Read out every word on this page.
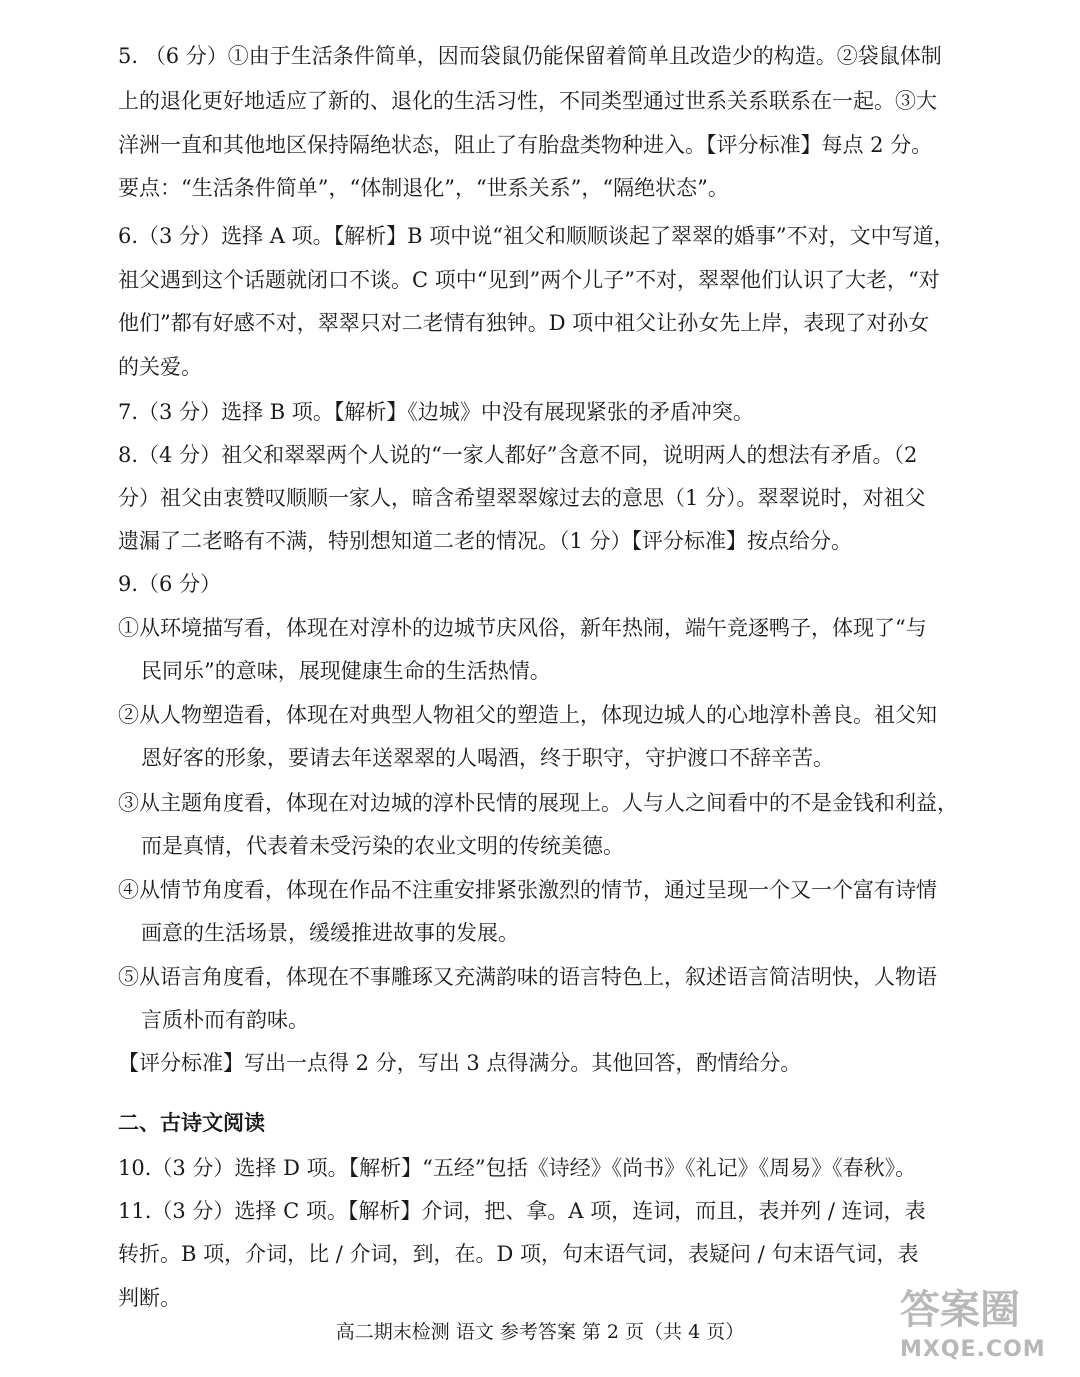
5. （6 分）①由于生活条件简单，因而袋鼠仍能保留着简单且改造少的构造。②袋鼠体制
上的退化更好地适应了新的、退化的生活习性，不同类型通过世系关系联系在一起。③大
洋洲一直和其他地区保持隔绝状态，阻止了有胎盘类物种进入。【评分标准】每点 2 分。
要点：“生活条件简单”，“体制退化”，“世系关系”，“隔绝状态”。
6.（3 分）选择 A 项。【解析】B 项中说“祖父和顺顺谈起了翠翠的婚事”不对，文中写道，
祖父遇到这个话题就闭口不谈。C 项中“见到”两个儿子”不对，翠翠他们认识了大老，“对
他们”都有好感不对，翠翠只对二老情有独钟。D 项中祖父让孙女先上岸，表现了对孙女
的关爱。
7.（3 分）选择 B 项。【解析】《边城》中没有展现紧张的矛盾冲突。
8.（4 分）祖父和翠翠两个人说的“一家人都好”含意不同，说明两人的想法有矛盾。（2
分）祖父由衷赞叹顺顺一家人，暗含希望翠翠嫁过去的意思（1 分）。翠翠说时，对祖父
遗漏了二老略有不满，特别想知道二老的情况。（1 分）【评分标准】按点给分。
9.（6 分）
①从环境描写看，体现在对淳朴的边城节庆风俗，新年热闹，端午竞逐鸭子，体现了“与
民同乐”的意味，展现健康生命的生活热情。
②从人物塑造看，体现在对典型人物祖父的塑造上，体现边城人的心地淳朴善良。祖父知
恩好客的形象，要请去年送翠翠的人喝酒，终于职守，守护渡口不辞辛苦。
③从主题角度看，体现在对边城的淳朴民情的展现上。人与人之间看中的不是金钱和利益，
而是真情，代表着未受污染的农业文明的传统美德。
④从情节角度看，体现在作品不注重安排紧张激烈的情节，通过呈现一个又一个富有诗情
画意的生活场景，缓缓推进故事的发展。
⑤从语言角度看，体现在不事雕琢又充满韵味的语言特色上，叙述语言简洁明快，人物语
言质朴而有韵味。
【评分标准】写出一点得 2 分，写出 3 点得满分。其他回答，酌情给分。
二、古诗文阅读
10.（3 分）选择 D 项。【解析】“五经”包括《诗经》《尚书》《礼记》《周易》《春秋》。
11.（3 分）选择 C 项。【解析】介词，把、拿。A 项，连词，而且，表并列 / 连词，表
转折。B 项，介词，比 / 介词，到，在。D 项，句末语气词，表疑问 / 句末语气词，表
判断。
高二期末检测 语文 参考答案 第 2 页（共 4 页）	答案圈
MXQE.COM
